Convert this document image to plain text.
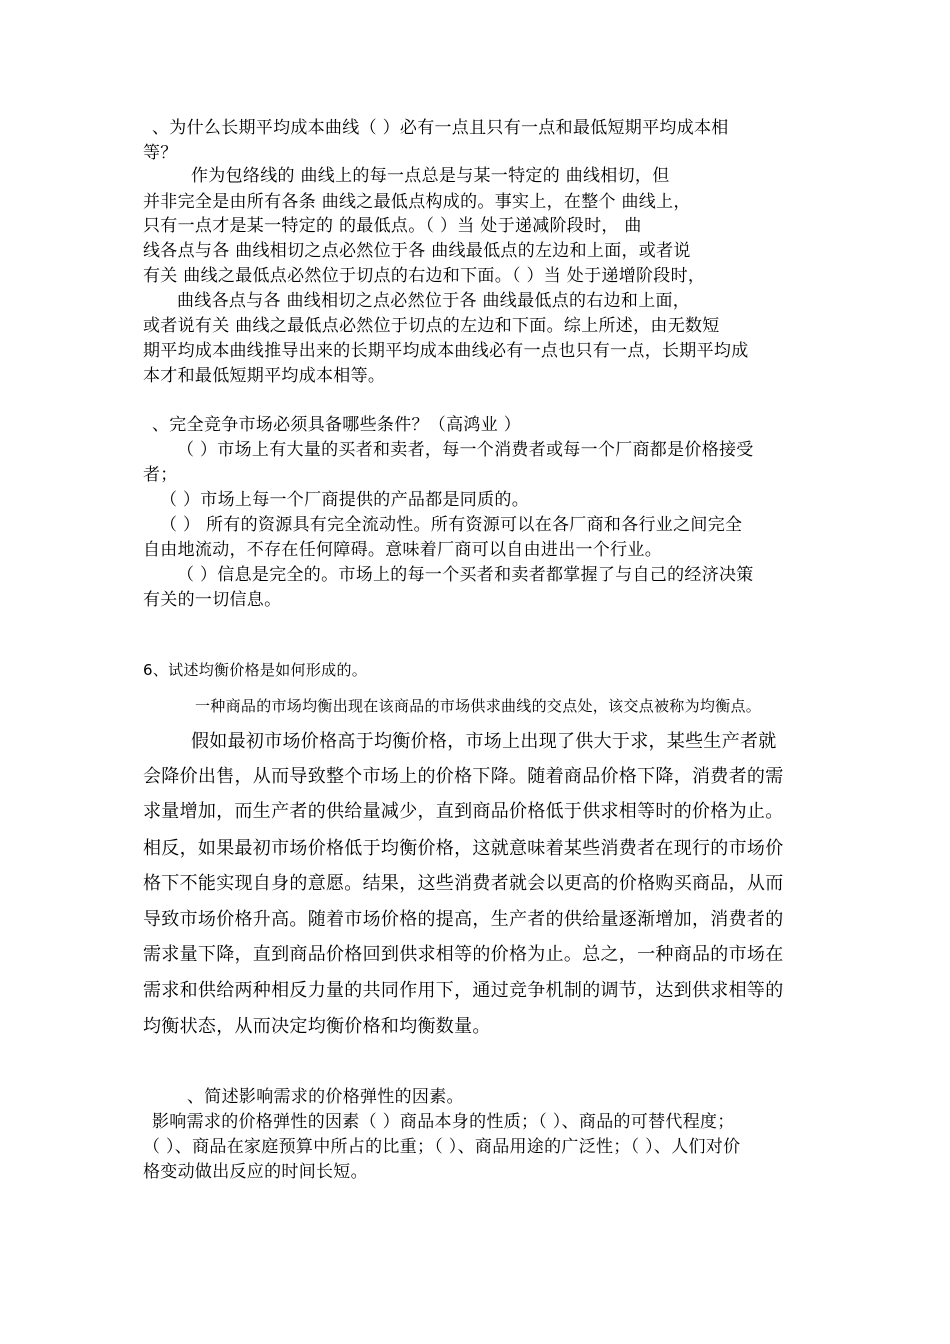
、为什么长期平均成本曲线（ ）必有一点且只有一点和最低短期平均成本相
等？
作为包络线的 曲线上的每一点总是与某一特定的 曲线相切，但
并非完全是由所有各条 曲线之最低点构成的。事实上，在整个 曲线上，
只有一点才是某一特定的 的最低点。（ ）当 处于递减阶段时， 曲
线各点与各 曲线相切之点必然位于各 曲线最低点的左边和上面，或者说
有关 曲线之最低点必然位于切点的右边和下面。（ ）当 处于递增阶段时，
曲线各点与各 曲线相切之点必然位于各 曲线最低点的右边和上面，
或者说有关 曲线之最低点必然位于切点的左边和下面。综上所述，由无数短
期平均成本曲线推导出来的长期平均成本曲线必有一点也只有一点，长期平均成
本才和最低短期平均成本相等。
、完全竞争市场必须具备哪些条件？（高鸿业 ）
（ ）市场上有大量的买者和卖者，每一个消费者或每一个厂商都是价格接受
者；
（ ）市场上每一个厂商提供的产品都是同质的。
（ ） 所有的资源具有完全流动性。所有资源可以在各厂商和各行业之间完全
自由地流动，不存在任何障碍。意味着厂商可以自由进出一个行业。
（ ）信息是完全的。市场上的每一个买者和卖者都掌握了与自己的经济决策
有关的一切信息。
6、试述均衡价格是如何形成的。
一种商品的市场均衡出现在该商品的市场供求曲线的交点处，该交点被称为均衡点。
假如最初市场价格高于均衡价格，市场上出现了供大于求，某些生产者就
会降价出售，从而导致整个市场上的价格下降。随着商品价格下降，消费者的需
求量增加，而生产者的供给量减少，直到商品价格低于供求相等时的价格为止。
相反，如果最初市场价格低于均衡价格，这就意味着某些消费者在现行的市场价
格下不能实现自身的意愿。结果，这些消费者就会以更高的价格购买商品，从而
导致市场价格升高。随着市场价格的提高，生产者的供给量逐渐增加，消费者的
需求量下降，直到商品价格回到供求相等的价格为止。总之，一种商品的市场在
需求和供给两种相反力量的共同作用下，通过竞争机制的调节，达到供求相等的
均衡状态，从而决定均衡价格和均衡数量。
、简述影响需求的价格弹性的因素。
影响需求的价格弹性的因素（ ）商品本身的性质；（ ）、商品的可替代程度；
（ ）、商品在家庭预算中所占的比重；（ ）、商品用途的广泛性；（ ）、人们对价
格变动做出反应的时间长短。
